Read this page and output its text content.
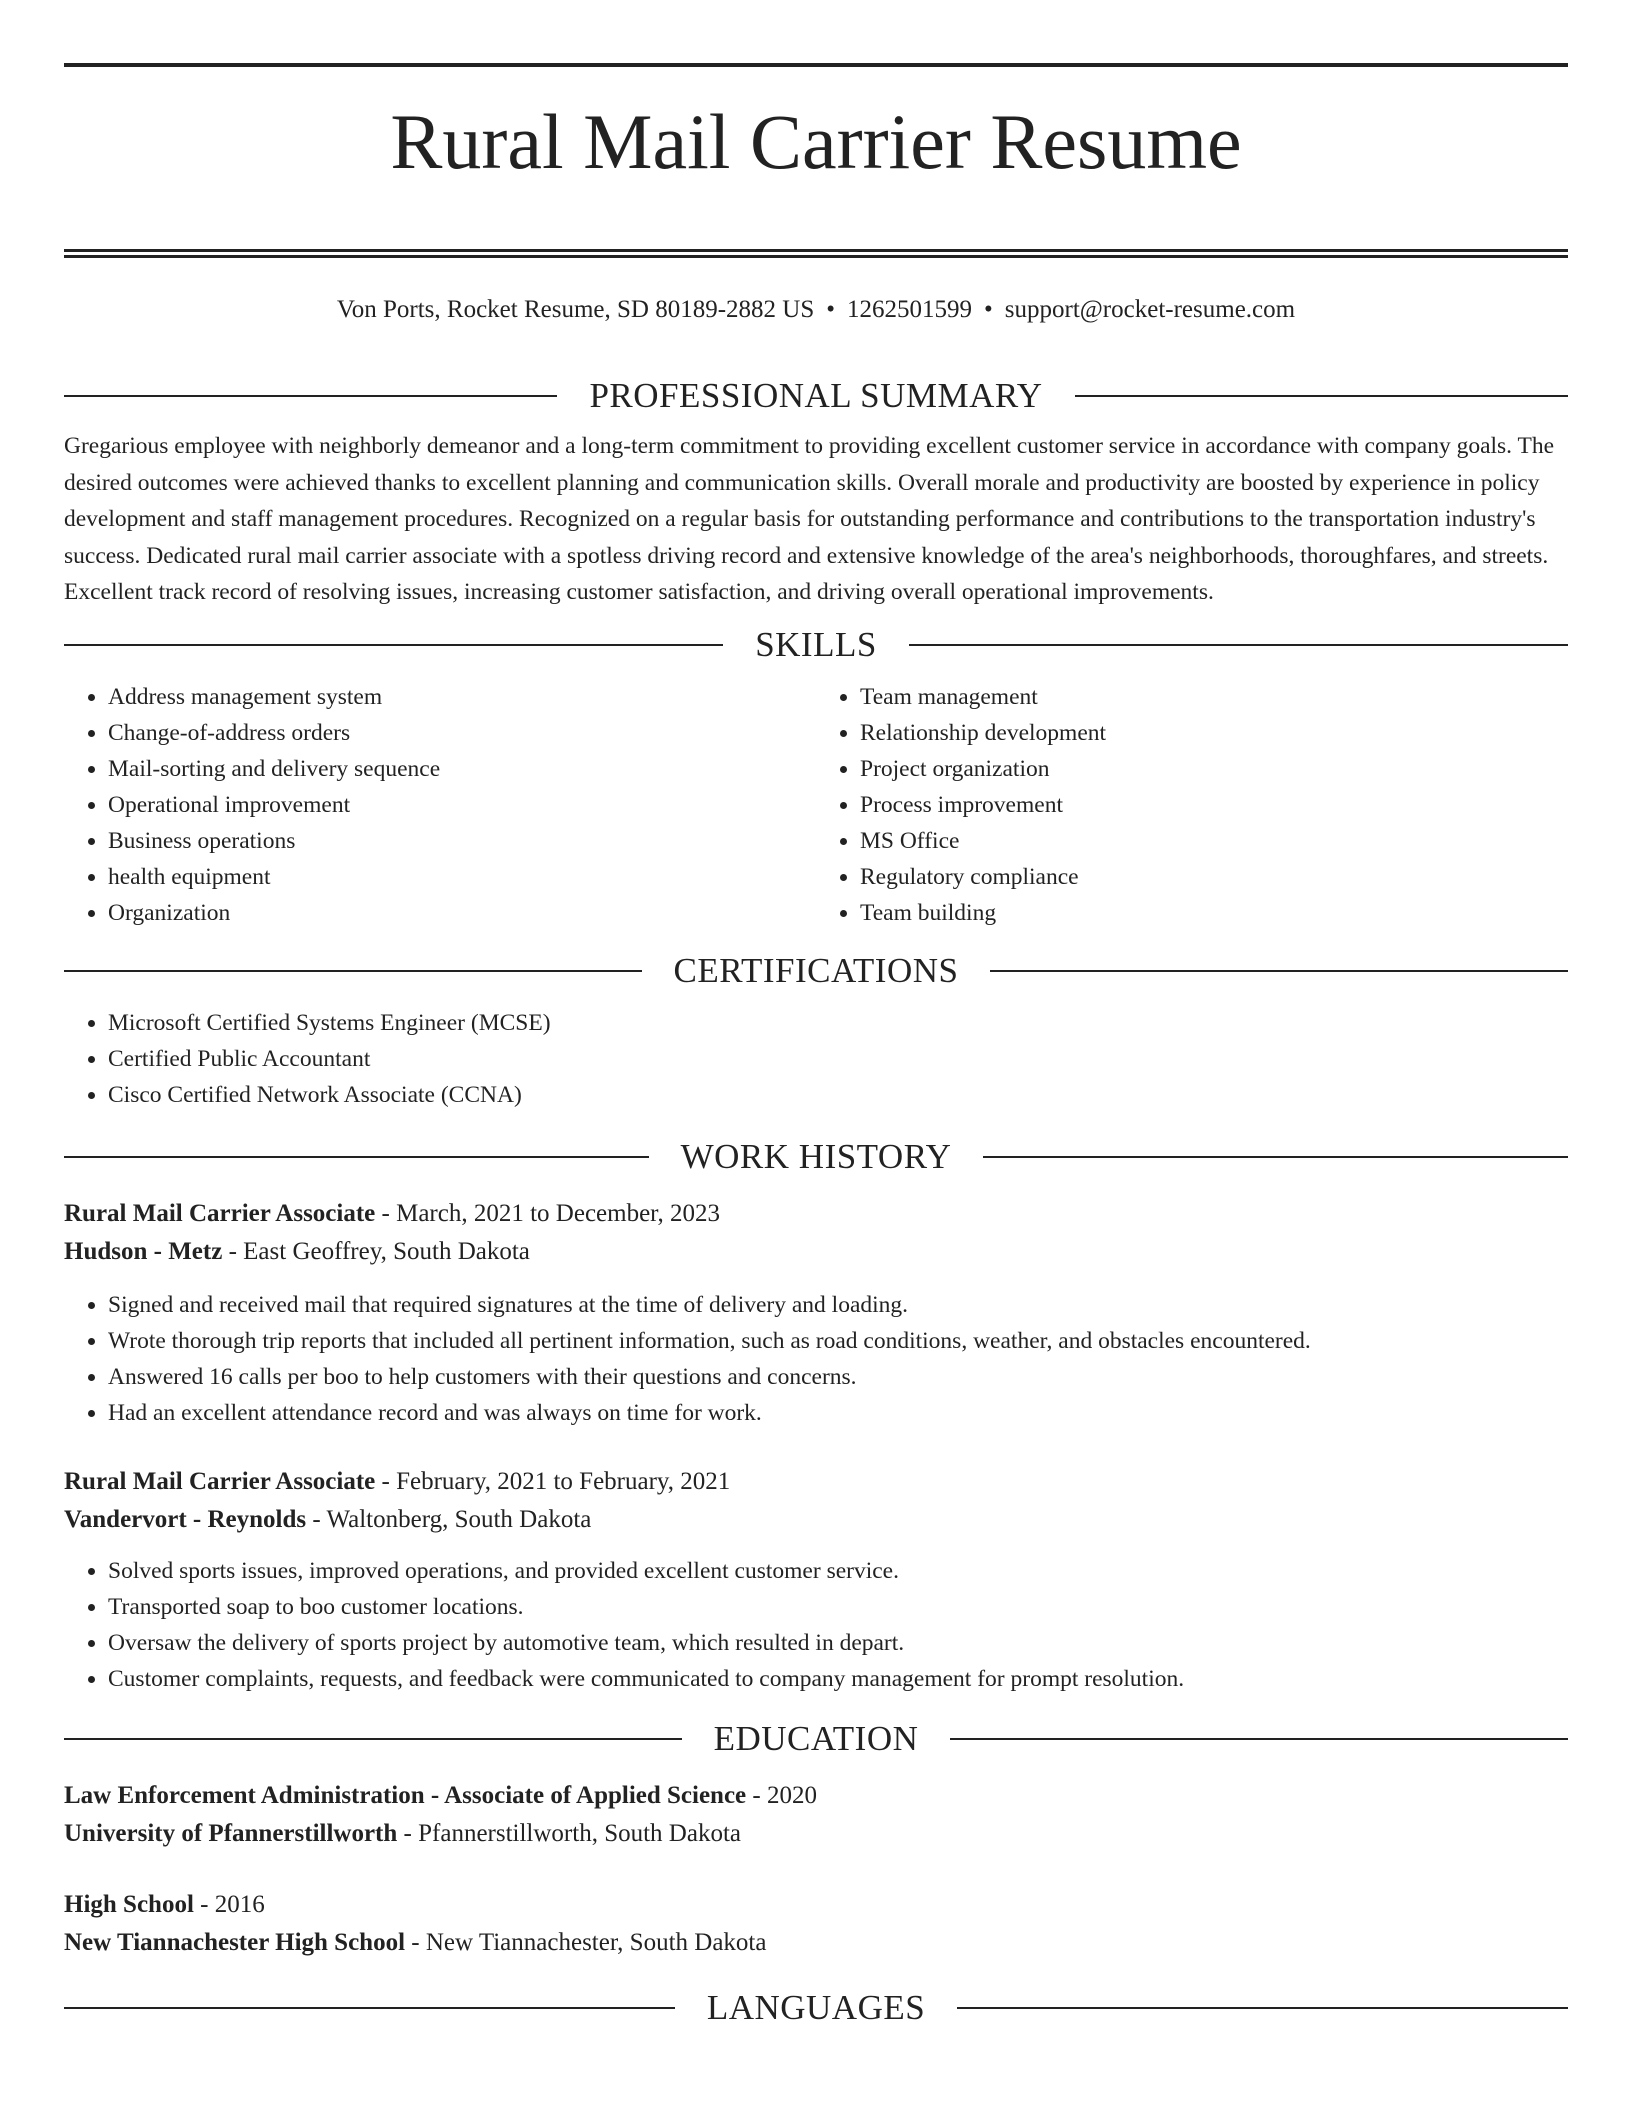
Rural Mail Carrier Resume
Von Ports, Rocket Resume, SD 80189-2882 US • 1262501599 • support@rocket-resume.com
PROFESSIONAL SUMMARY

Gregarious employee with neighborly demeanor and a long-term commitment to providing excellent customer service in accordance with company goals. The desired outcomes were achieved thanks to excellent planning and communication skills. Overall morale and productivity are boosted by experience in policy development and staff management procedures. Recognized on a regular basis for outstanding performance and contributions to the transportation industry's success. Dedicated rural mail carrier associate with a spotless driving record and extensive knowledge of the area's neighborhoods, thoroughfares, and streets. Excellent track record of resolving issues, increasing customer satisfaction, and driving overall operational improvements.

SKILLS
• Address management system
• Change-of-address orders
• Mail-sorting and delivery sequence
• Operational improvement
• Business operations
• health equipment
• Organization
• Team management
• Relationship development
• Project organization
• Process improvement
• MS Office
• Regulatory compliance
• Team building
CERTIFICATIONS
• Microsoft Certified Systems Engineer (MCSE)
• Certified Public Accountant
• Cisco Certified Network Associate (CCNA)
WORK HISTORY

Rural Mail Carrier Associate - March, 2021 to December, 2023

Hudson - Metz - East Geoffrey, South Dakota

• Signed and received mail that required signatures at the time of delivery and loading.
• Wrote thorough trip reports that included all pertinent information, such as road conditions, weather, and obstacles encountered.
• Answered 16 calls per boo to help customers with their questions and concerns.
• Had an excellent attendance record and was always on time for work.

Rural Mail Carrier Associate - February, 2021 to February, 2021

Vandervort - Reynolds - Waltonberg, South Dakota

• Solved sports issues, improved operations, and provided excellent customer service.
• Transported soap to boo customer locations.
• Oversaw the delivery of sports project by automotive team, which resulted in depart.
• Customer complaints, requests, and feedback were communicated to company management for prompt resolution.
EDUCATION

Law Enforcement Administration - Associate of Applied Science - 2020

University of Pfannerstillworth - Pfannerstillworth, South Dakota

High School - 2016

New Tiannachester High School - New Tiannachester, South Dakota

LANGUAGES
